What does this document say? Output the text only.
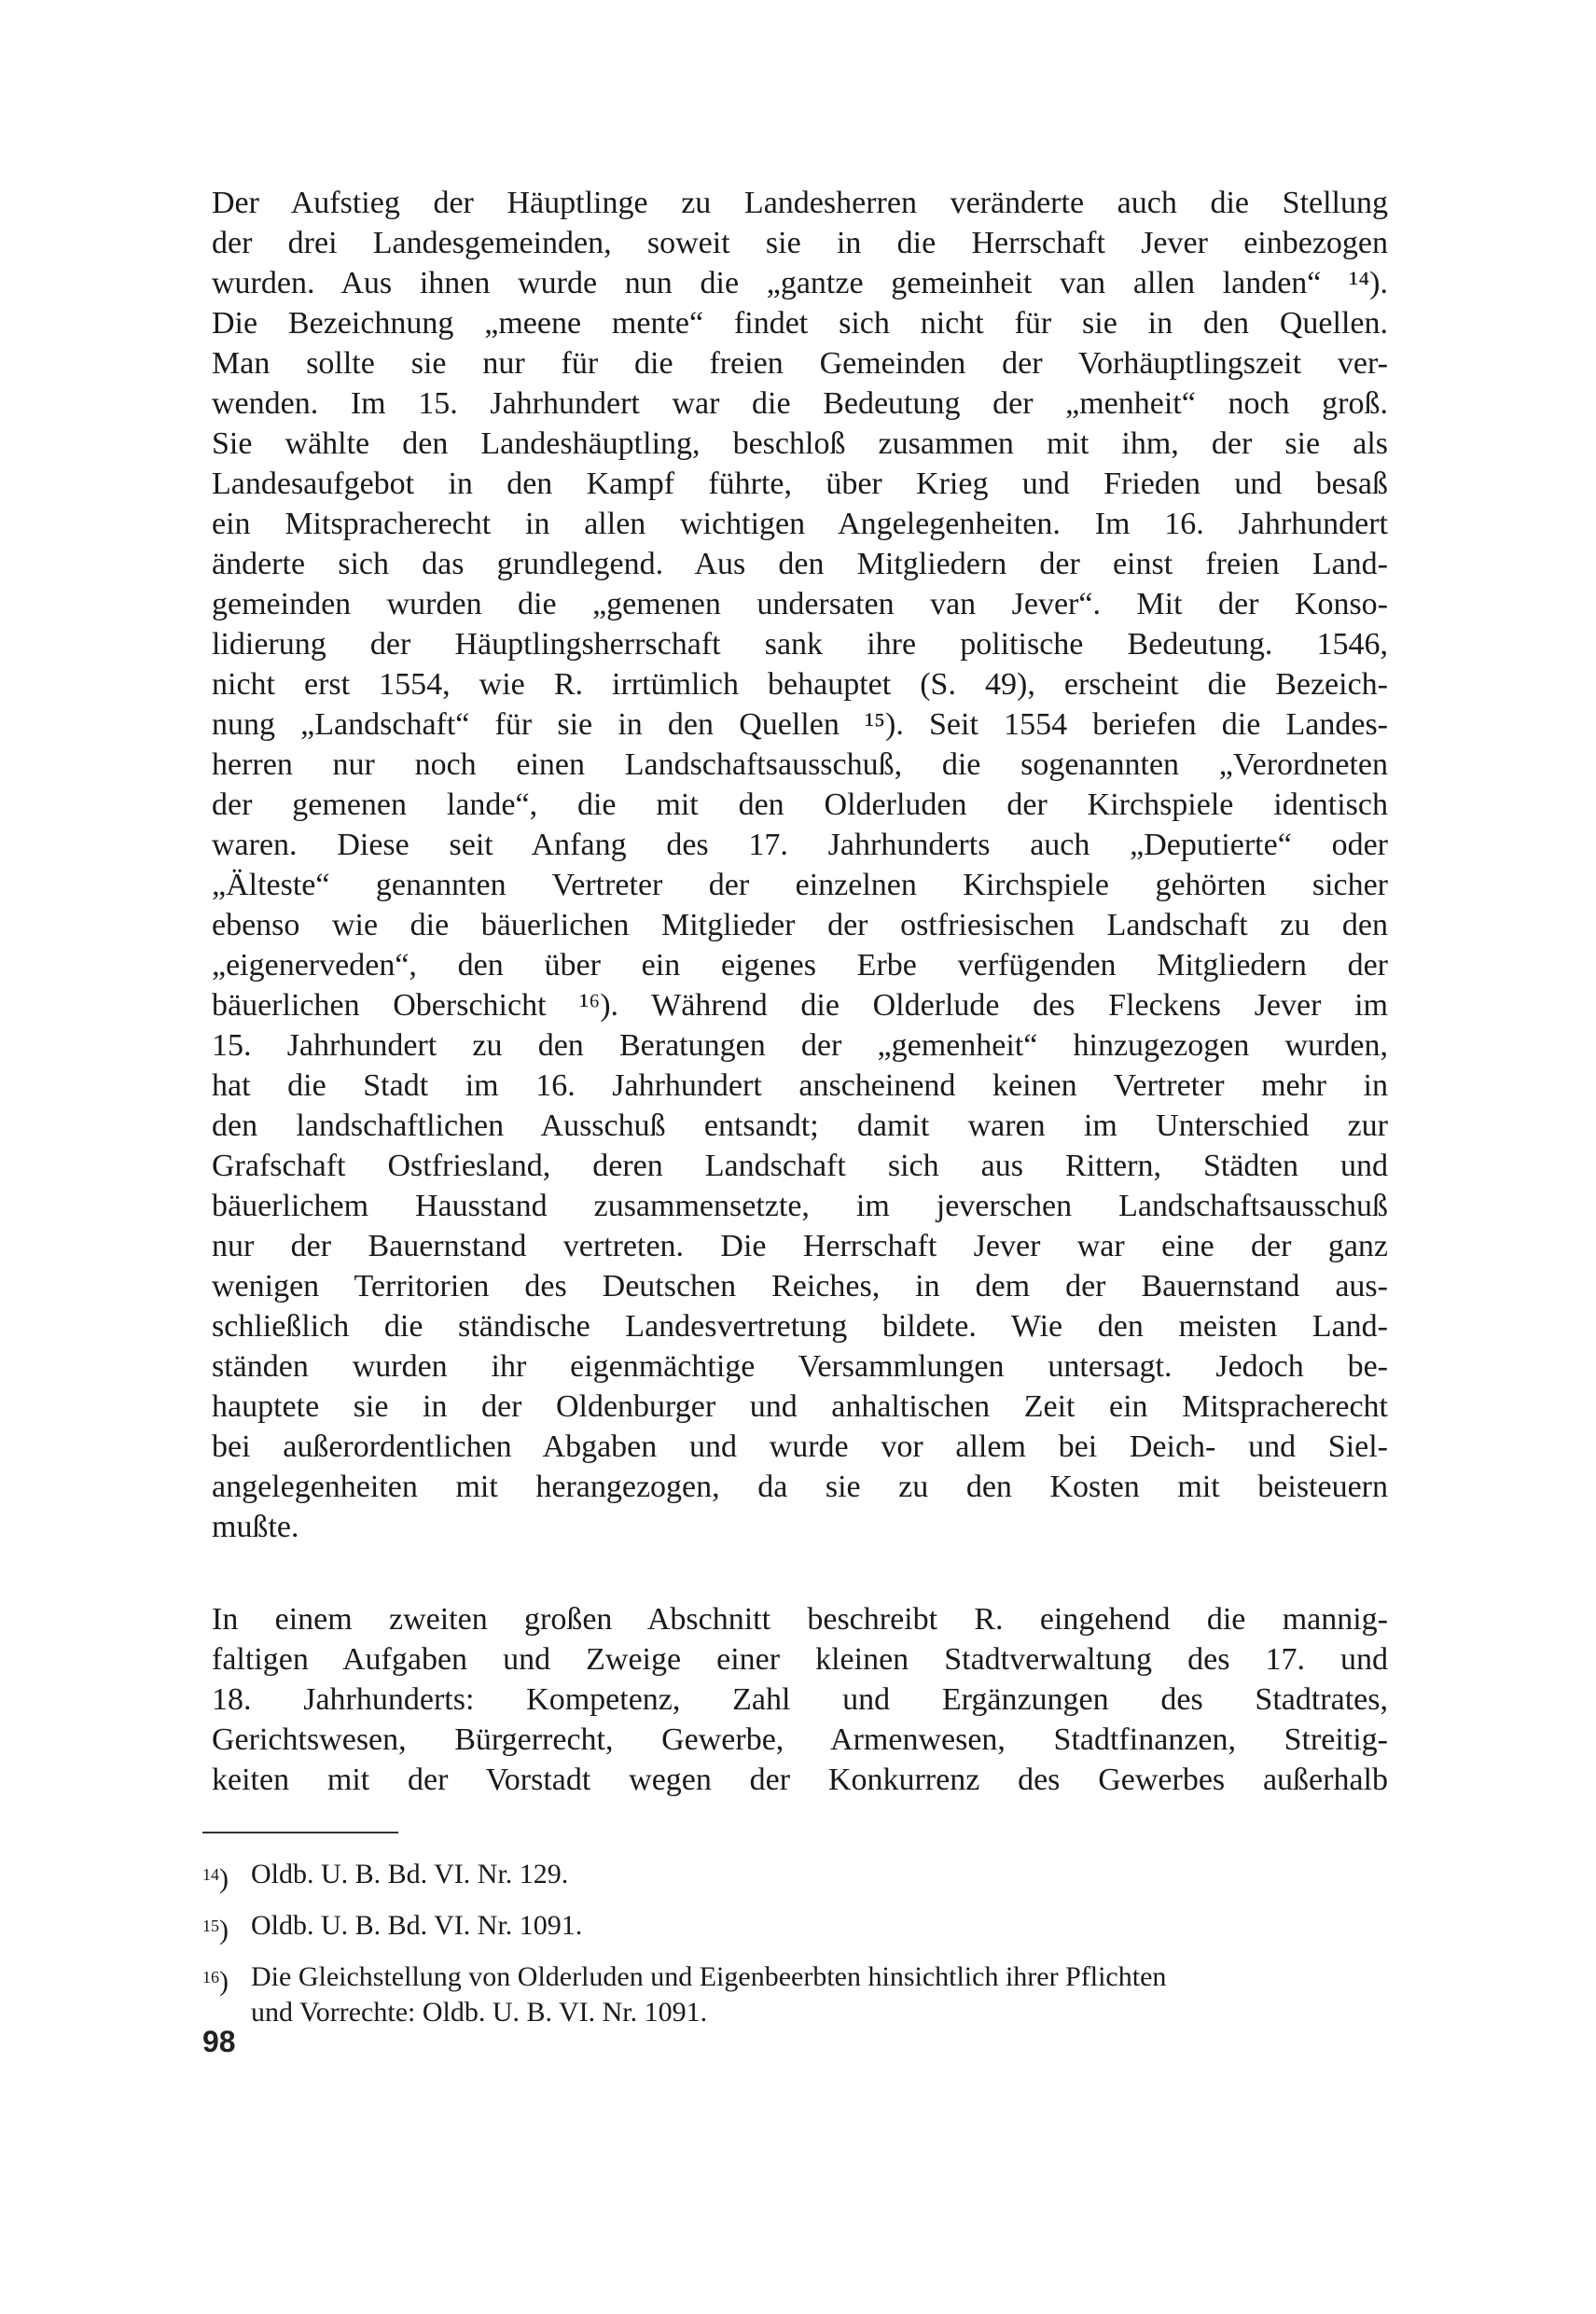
Der Aufstieg der Häuptlinge zu Landesherren veränderte auch die Stellung
der drei Landesgemeinden, soweit sie in die Herrschaft Jever einbezogen
wurden. Aus ihnen wurde nun die „gantze gemeinheit van allen landen“ ¹⁴).
Die Bezeichnung „meene mente“ findet sich nicht für sie in den Quellen.
Man sollte sie nur für die freien Gemeinden der Vorhäuptlingszeit ver-
wenden. Im 15. Jahrhundert war die Bedeutung der „menheit“ noch groß.
Sie wählte den Landeshäuptling, beschloß zusammen mit ihm, der sie als
Landesaufgebot in den Kampf führte, über Krieg und Frieden und besaß
ein Mitspracherecht in allen wichtigen Angelegenheiten. Im 16. Jahrhundert
änderte sich das grundlegend. Aus den Mitgliedern der einst freien Land-
gemeinden wurden die „gemenen undersaten van Jever“. Mit der Konso-
lidierung der Häuptlingsherrschaft sank ihre politische Bedeutung. 1546,
nicht erst 1554, wie R. irrtümlich behauptet (S. 49), erscheint die Bezeich-
nung „Landschaft“ für sie in den Quellen ¹⁵). Seit 1554 beriefen die Landes-
herren nur noch einen Landschaftsausschuß, die sogenannten „Verordneten
der gemenen lande“, die mit den Olderluden der Kirchspiele identisch
waren. Diese seit Anfang des 17. Jahrhunderts auch „Deputierte“ oder
„Älteste“ genannten Vertreter der einzelnen Kirchspiele gehörten sicher
ebenso wie die bäuerlichen Mitglieder der ostfriesischen Landschaft zu den
„eigenerveden“, den über ein eigenes Erbe verfügenden Mitgliedern der
bäuerlichen Oberschicht ¹⁶). Während die Olderlude des Fleckens Jever im
15. Jahrhundert zu den Beratungen der „gemenheit“ hinzugezogen wurden,
hat die Stadt im 16. Jahrhundert anscheinend keinen Vertreter mehr in
den landschaftlichen Ausschuß entsandt; damit waren im Unterschied zur
Grafschaft Ostfriesland, deren Landschaft sich aus Rittern, Städten und
bäuerlichem Hausstand zusammensetzte, im jeverschen Landschaftsausschuß
nur der Bauernstand vertreten. Die Herrschaft Jever war eine der ganz
wenigen Territorien des Deutschen Reiches, in dem der Bauernstand aus-
schließlich die ständische Landesvertretung bildete. Wie den meisten Land-
ständen wurden ihr eigenmächtige Versammlungen untersagt. Jedoch be-
hauptete sie in der Oldenburger und anhaltischen Zeit ein Mitspracherecht
bei außerordentlichen Abgaben und wurde vor allem bei Deich- und Siel-
angelegenheiten mit herangezogen, da sie zu den Kosten mit beisteuern
mußte.
In einem zweiten großen Abschnitt beschreibt R. eingehend die mannig-
faltigen Aufgaben und Zweige einer kleinen Stadtverwaltung des 17. und
18. Jahrhunderts: Kompetenz, Zahl und Ergänzungen des Stadtrates,
Gerichtswesen, Bürgerrecht, Gewerbe, Armenwesen, Stadtfinanzen, Streitig-
keiten mit der Vorstadt wegen der Konkurrenz des Gewerbes außerhalb
$^{14}$) Oldb. U. B. Bd. VI. Nr. 129.
$^{15}$) Oldb. U. B. Bd. VI. Nr. 1091.
$^{16}$) Die Gleichstellung von Olderluden und Eigenbeerbten hinsichtlich ihrer Pflichten
und Vorrechte: Oldb. U. B. VI. Nr. 1091.
98
